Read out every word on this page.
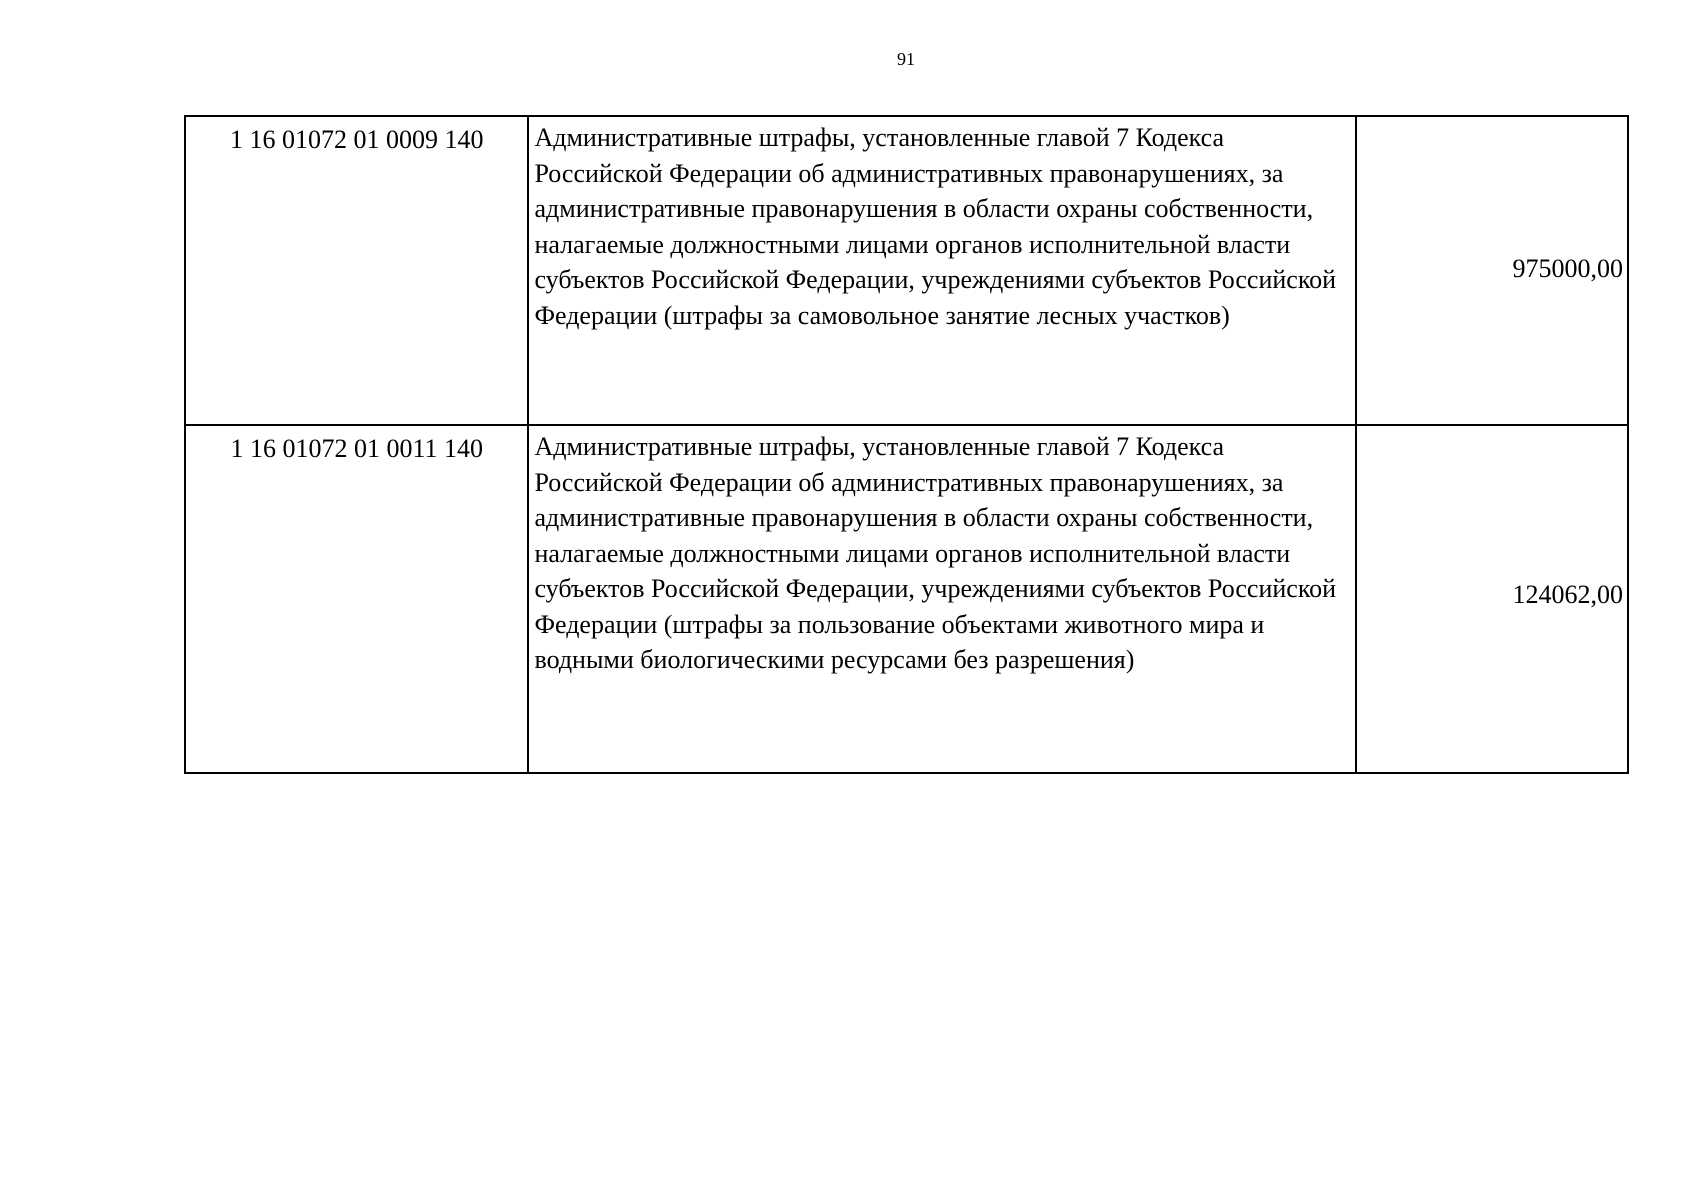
91
1 16 01072 01 0009 140	Административные штрафы, установленные главой 7 Кодекса Российской Федерации об административных правонарушениях, за административные правонарушения в области охраны собственности, налагаемые должностными лицами органов исполнительной власти субъектов Российской Федерации, учреждениями субъектов Российской Федерации (штрафы за самовольное занятие лесных участков)	975000,00

1 16 01072 01 0011 140	Административные штрафы, установленные главой 7 Кодекса Российской Федерации об административных правонарушениях, за административные правонарушения в области охраны собственности, налагаемые должностными лицами органов исполнительной власти субъектов Российской Федерации, учреждениями субъектов Российской Федерации (штрафы за пользование объектами животного мира и водными биологическими ресурсами без разрешения)	124062,00
